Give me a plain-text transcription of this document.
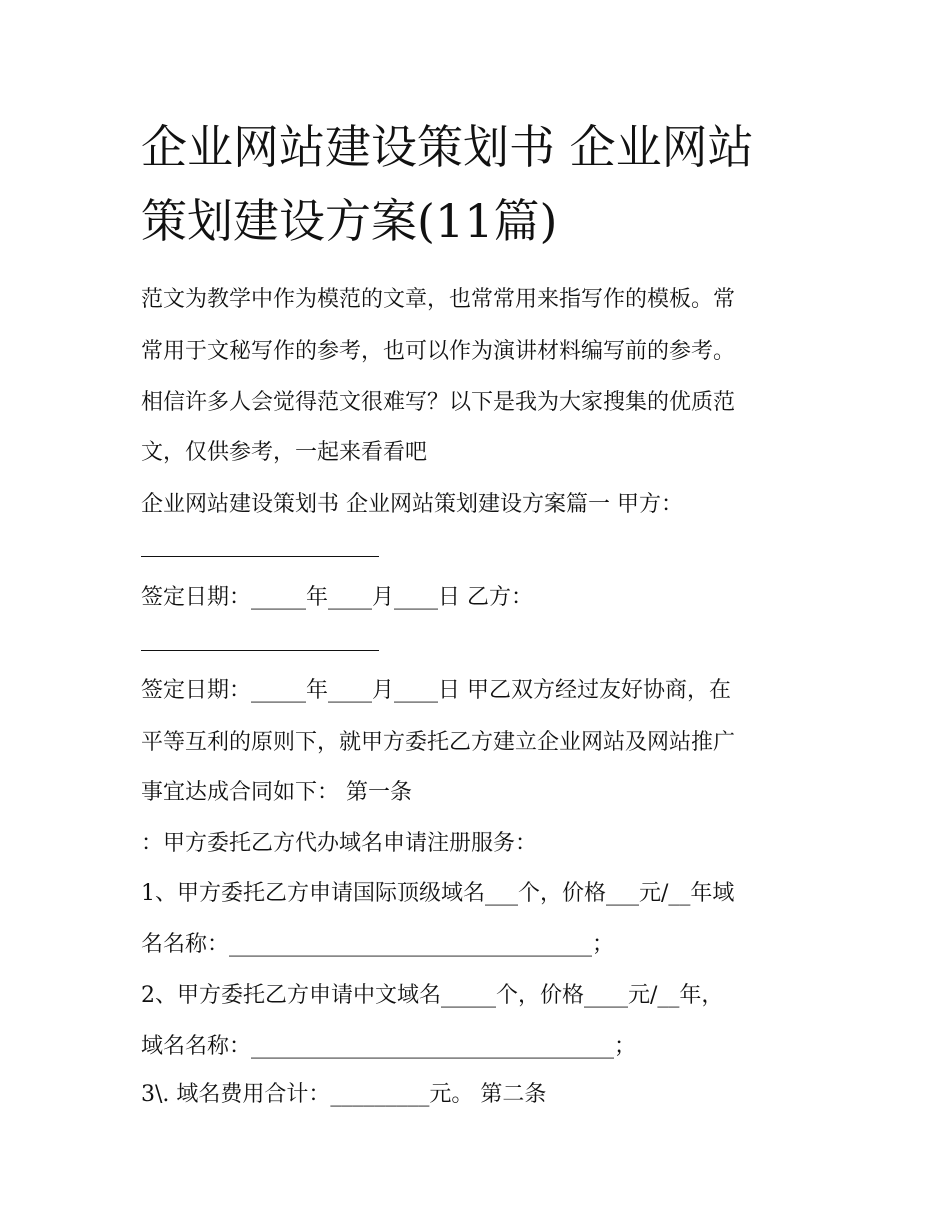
企业网站建设策划书 企业网站
策划建设方案(11篇)
范文为教学中作为模范的文章，也常常用来指写作的模板。常
常用于文秘写作的参考，也可以作为演讲材料编写前的参考。
相信许多人会觉得范文很难写？以下是我为大家搜集的优质范
文，仅供参考，一起来看看吧
企业网站建设策划书 企业网站策划建设方案篇一 甲方：
签定日期：_____年____月____日 乙方：
签定日期：_____年____月____日 甲乙双方经过友好协商，在
平等互利的原则下，就甲方委托乙方建立企业网站及网站推广
事宜达成合同如下： 第一条
：甲方委托乙方代办域名申请注册服务：
1、甲方委托乙方申请国际顶级域名___个，价格___元/__年域
名名称：_________________________________；
2、甲方委托乙方申请中文域名_____个，价格____元/__年，
域名名称：_________________________________；
3\. 域名费用合计：_________元。 第二条
